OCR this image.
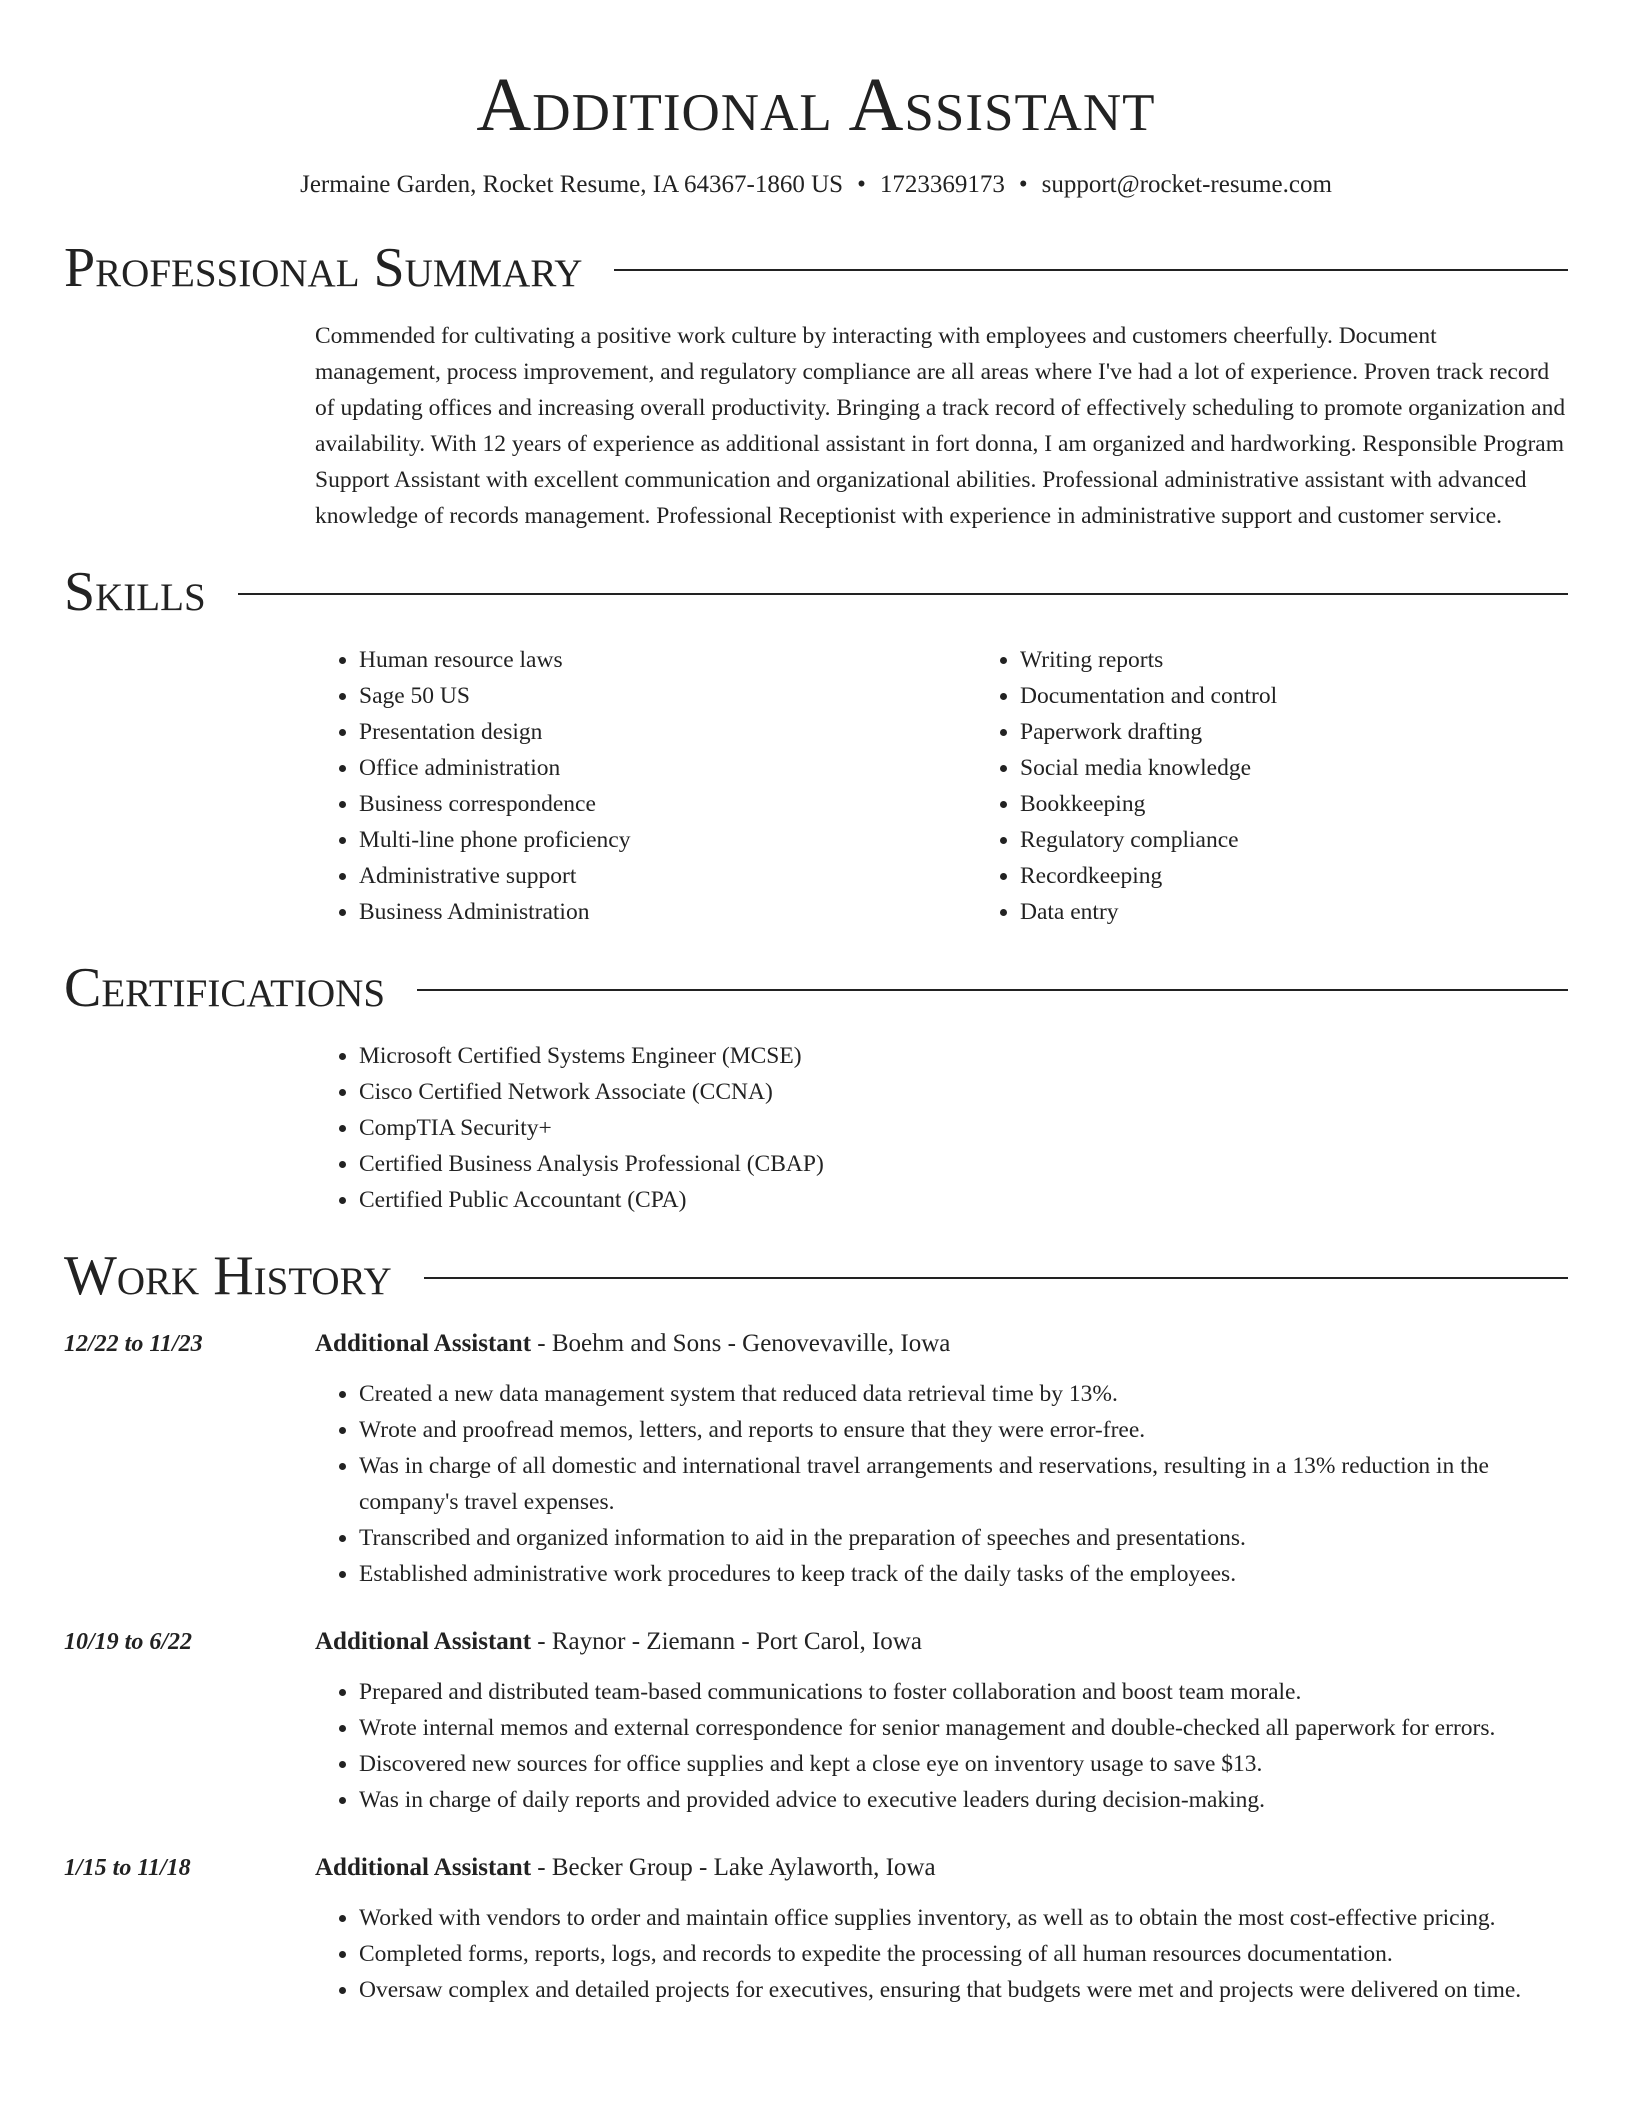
Additional Assistant
Jermaine Garden, Rocket Resume, IA 64367-1860 US • 1723369173 • support@rocket-resume.com
Professional Summary

Commended for cultivating a positive work culture by interacting with employees and customers cheerfully. Document management, process improvement, and regulatory compliance are all areas where I've had a lot of experience. Proven track record of updating offices and increasing overall productivity. Bringing a track record of effectively scheduling to promote organization and availability. With 12 years of experience as additional assistant in fort donna, I am organized and hardworking. Responsible Program Support Assistant with excellent communication and organizational abilities. Professional administrative assistant with advanced knowledge of records management. Professional Receptionist with experience in administrative support and customer service.

Skills
• Human resource laws
• Sage 50 US
• Presentation design
• Office administration
• Business correspondence
• Multi-line phone proficiency
• Administrative support
• Business Administration
• Writing reports
• Documentation and control
• Paperwork drafting
• Social media knowledge
• Bookkeeping
• Regulatory compliance
• Recordkeeping
• Data entry
Certifications
• Microsoft Certified Systems Engineer (MCSE)
• Cisco Certified Network Associate (CCNA)
• CompTIA Security+
• Certified Business Analysis Professional (CBAP)
• Certified Public Accountant (CPA)
Work History
12/22 to 11/23	Additional Assistant - Boehm and Sons - Genovevaville, Iowa
• Created a new data management system that reduced data retrieval time by 13%.
• Wrote and proofread memos, letters, and reports to ensure that they were error-free.
• Was in charge of all domestic and international travel arrangements and reservations, resulting in a 13% reduction in the company's travel expenses.
• Transcribed and organized information to aid in the preparation of speeches and presentations.
• Established administrative work procedures to keep track of the daily tasks of the employees.
10/19 to 6/22	Additional Assistant - Raynor - Ziemann - Port Carol, Iowa
• Prepared and distributed team-based communications to foster collaboration and boost team morale.
• Wrote internal memos and external correspondence for senior management and double-checked all paperwork for errors.
• Discovered new sources for office supplies and kept a close eye on inventory usage to save $13.
• Was in charge of daily reports and provided advice to executive leaders during decision-making.
1/15 to 11/18	Additional Assistant - Becker Group - Lake Aylaworth, Iowa
• Worked with vendors to order and maintain office supplies inventory, as well as to obtain the most cost-effective pricing.
• Completed forms, reports, logs, and records to expedite the processing of all human resources documentation.
• Oversaw complex and detailed projects for executives, ensuring that budgets were met and projects were delivered on time.
